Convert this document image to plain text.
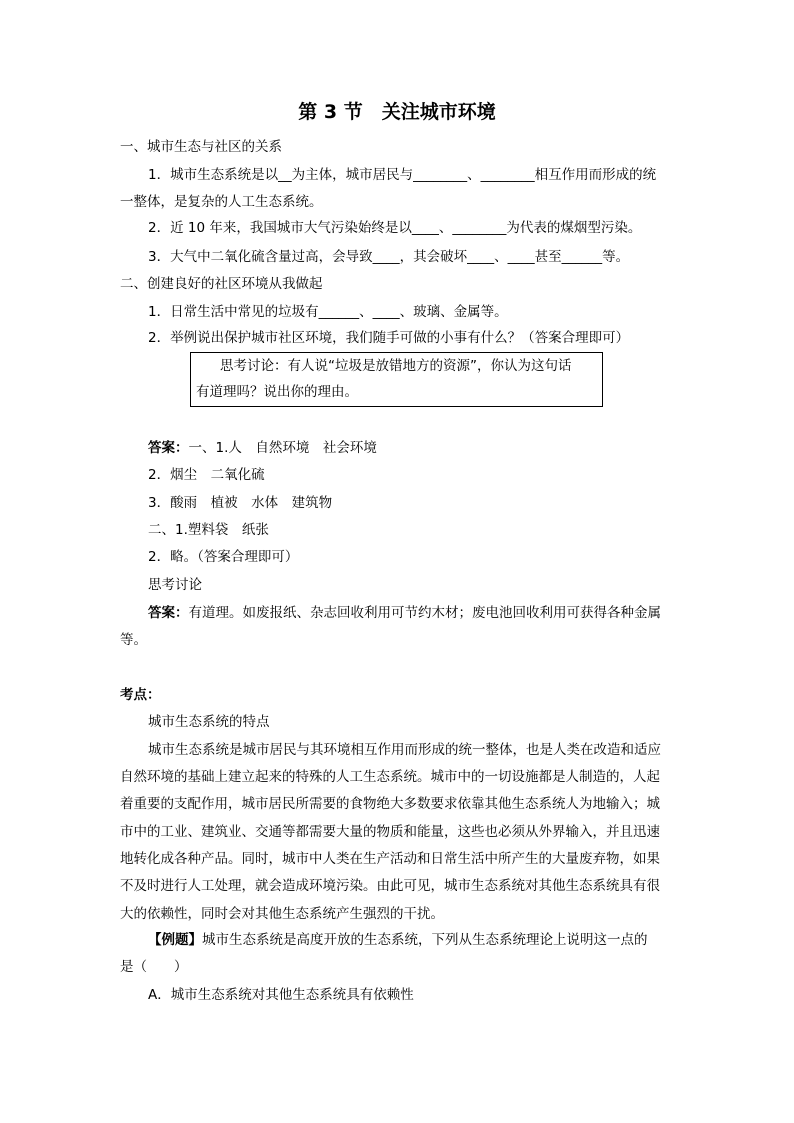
第 3 节　关注城市环境
一、城市生态与社区的关系
1．城市生态系统是以__为主体，城市居民与________、________相互作用而形成的统
一整体，是复杂的人工生态系统。
2．近 10 年来，我国城市大气污染始终是以____、________为代表的煤烟型污染。
3．大气中二氧化硫含量过高，会导致____，其会破坏____、____甚至______等。
二、创建良好的社区环境从我做起
1．日常生活中常见的垃圾有______、____、玻璃、金属等。
2．举例说出保护城市社区环境，我们随手可做的小事有什么？（答案合理即可）
思考讨论：有人说“垃圾是放错地方的资源”，你认为这句话
有道理吗？说出你的理由。
答案：一、1.人　自然环境　社会环境
2．烟尘　二氧化硫
3．酸雨　植被　水体　建筑物
二、1.塑料袋　纸张
2．略。（答案合理即可）
思考讨论
答案：有道理。如废报纸、杂志回收利用可节约木材；废电池回收利用可获得各种金属
等。
考点：
城市生态系统的特点
城市生态系统是城市居民与其环境相互作用而形成的统一整体，也是人类在改造和适应
自然环境的基础上建立起来的特殊的人工生态系统。城市中的一切设施都是人制造的，人起
着重要的支配作用，城市居民所需要的食物绝大多数要求依靠其他生态系统人为地输入；城
市中的工业、建筑业、交通等都需要大量的物质和能量，这些也必须从外界输入，并且迅速
地转化成各种产品。同时，城市中人类在生产活动和日常生活中所产生的大量废弃物，如果
不及时进行人工处理，就会造成环境污染。由此可见，城市生态系统对其他生态系统具有很
大的依赖性，同时会对其他生态系统产生强烈的干扰。
【例题】城市生态系统是高度开放的生态系统，下列从生态系统理论上说明这一点的
是（　　）
A．城市生态系统对其他生态系统具有依赖性
